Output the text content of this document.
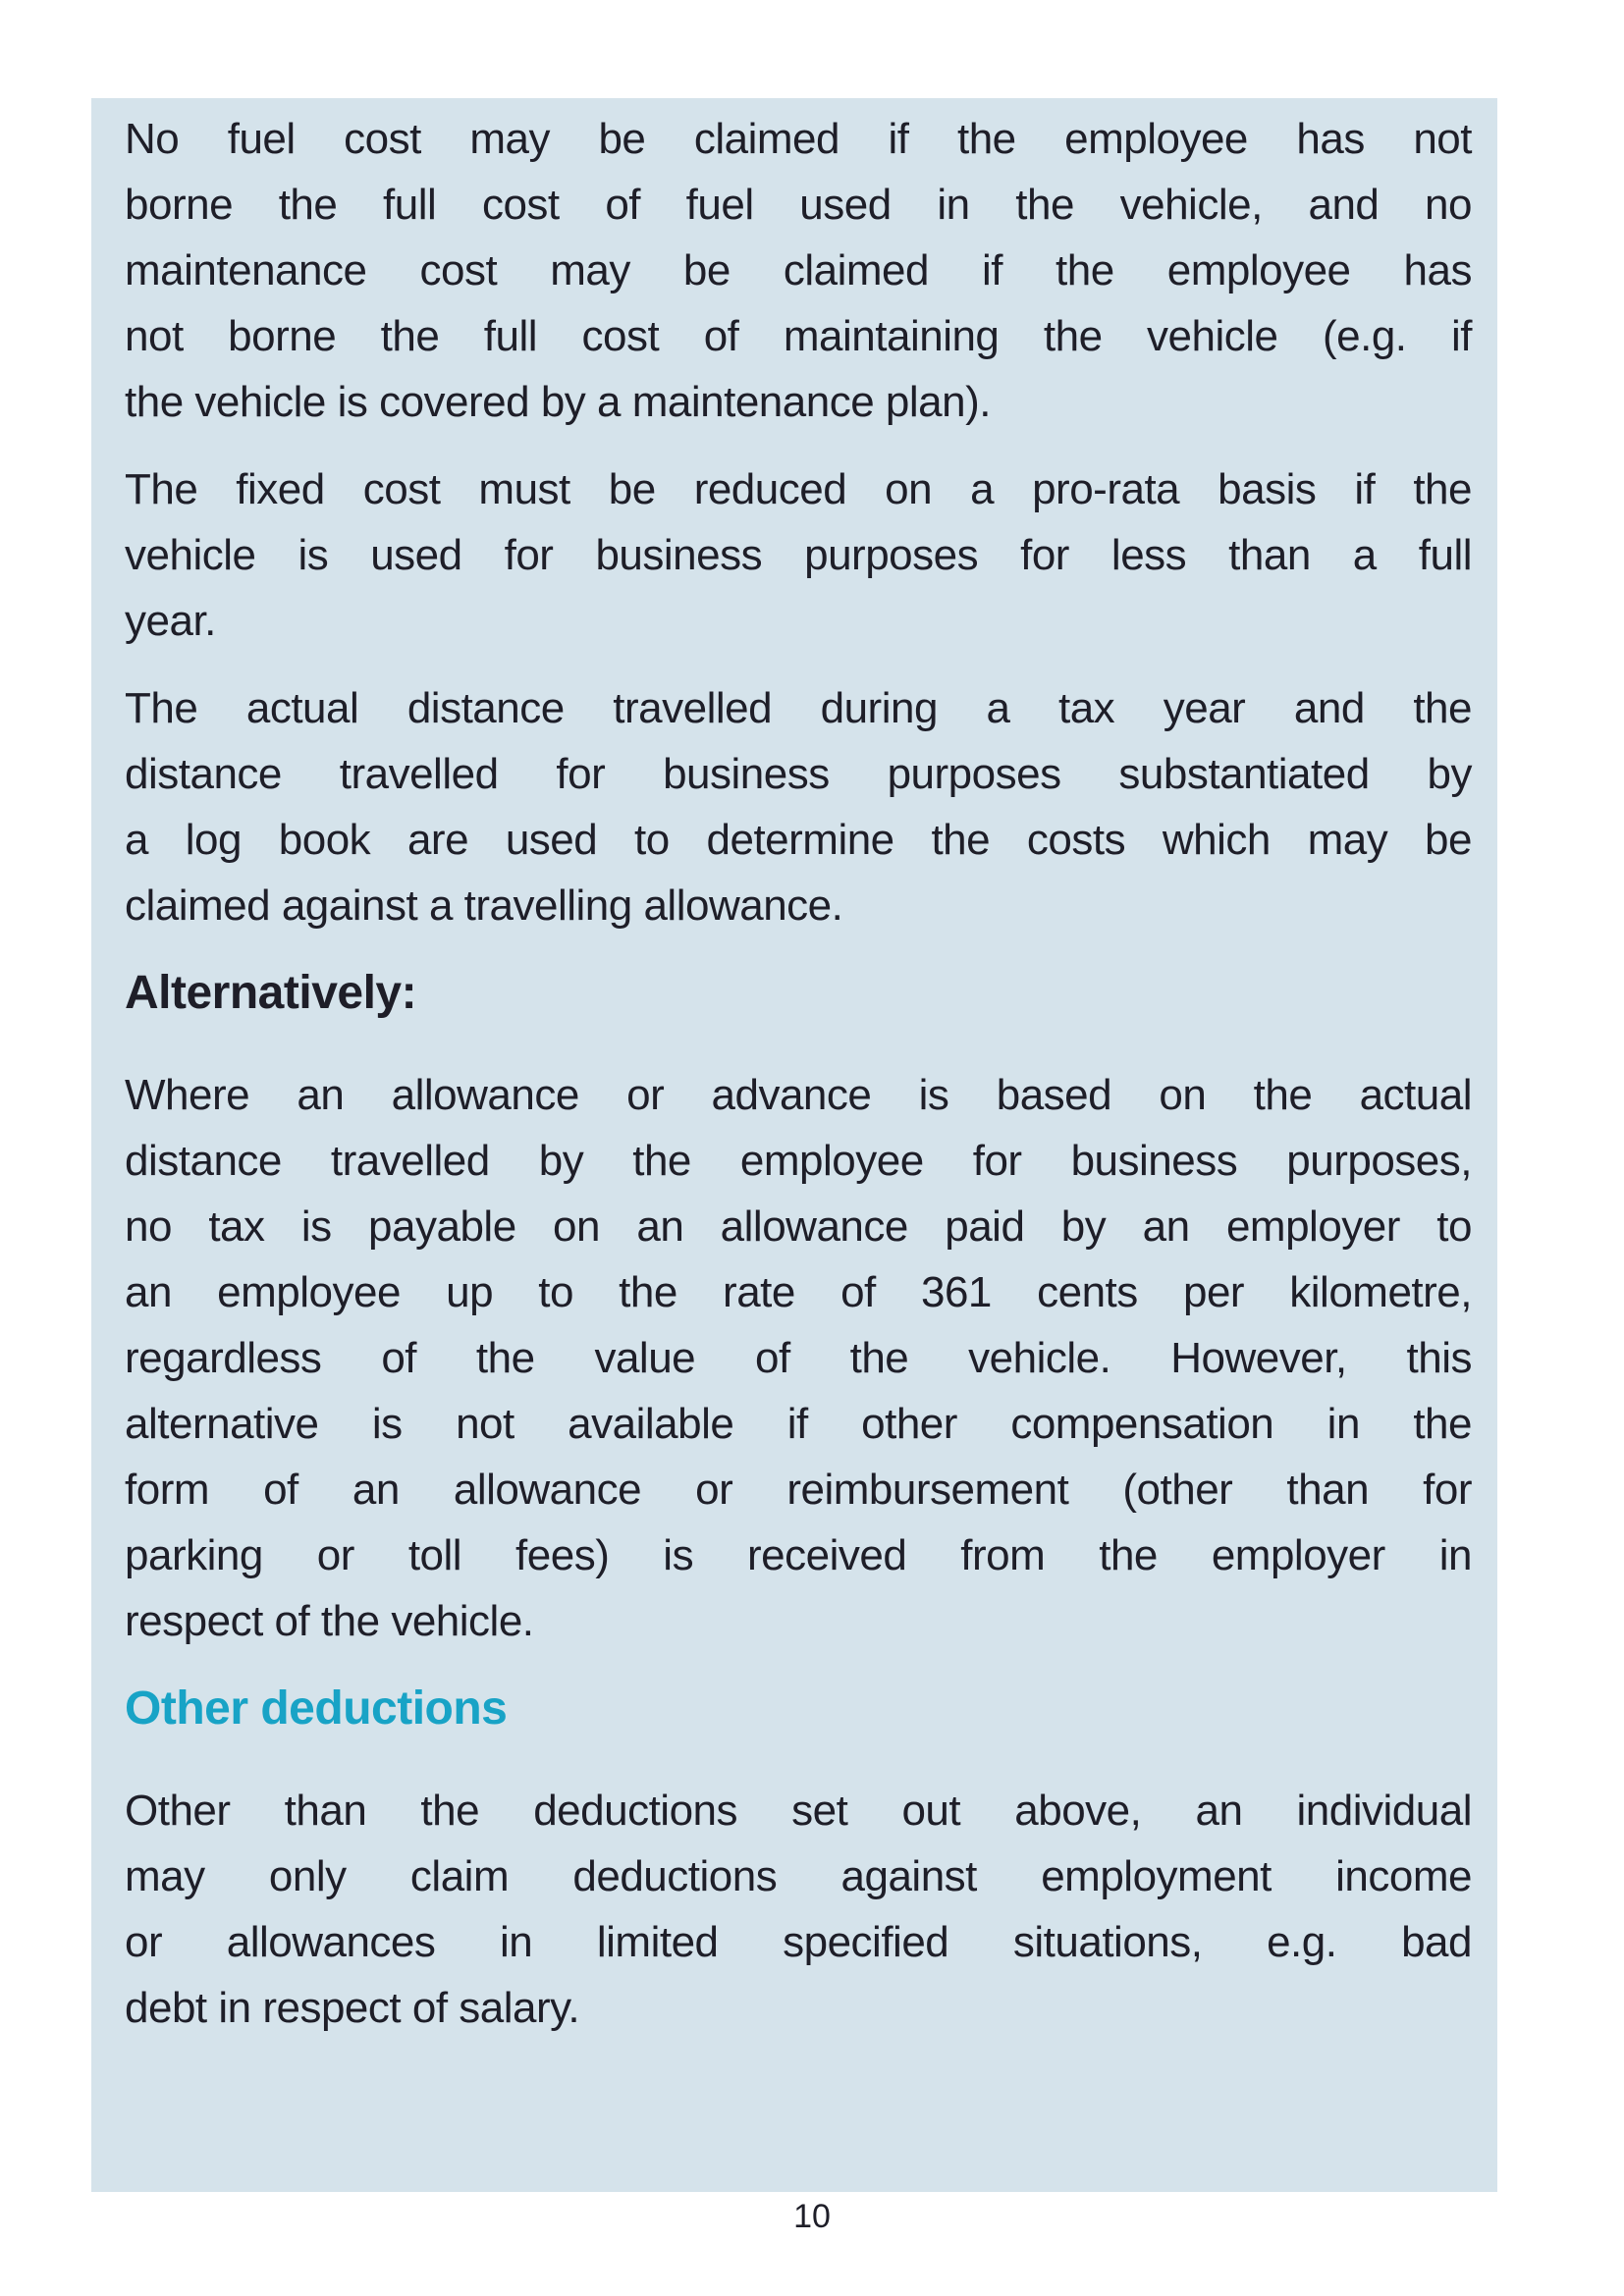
No fuel cost may be claimed if the employee has not
borne the full cost of fuel used in the vehicle, and no
maintenance cost may be claimed if the employee has
not borne the full cost of maintaining the vehicle (e.g. if
the vehicle is covered by a maintenance plan).
The fixed cost must be reduced on a pro-rata basis if the
vehicle is used for business purposes for less than a full
year.
The actual distance travelled during a tax year and the
distance travelled for business purposes substantiated by
a log book are used to determine the costs which may be
claimed against a travelling allowance.
Alternatively:
Where an allowance or advance is based on the actual
distance travelled by the employee for business purposes,
no tax is payable on an allowance paid by an employer to
an employee up to the rate of 361 cents per kilometre,
regardless of the value of the vehicle. However, this
alternative is not available if other compensation in the
form of an allowance or reimbursement (other than for
parking or toll fees) is received from the employer in
respect of the vehicle.
Other deductions
Other than the deductions set out above, an individual
may only claim deductions against employment income
or allowances in limited specified situations, e.g. bad
debt in respect of salary.
10
